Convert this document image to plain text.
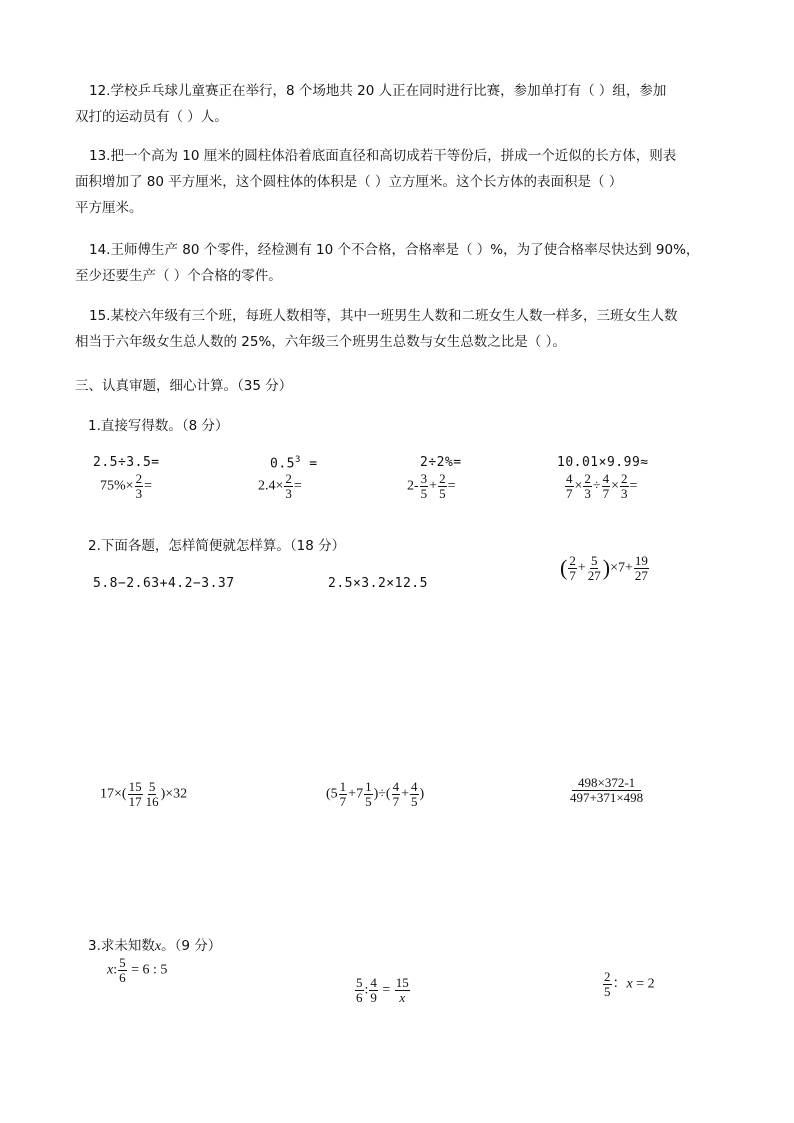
12.学校乒乓球儿童赛正在举行，8 个场地共 20 人正在同时进行比赛，参加单打有（ ）组，参加

双打的运动员有（ ）人。

13.把一个高为 10 厘米的圆柱体沿着底面直径和高切成若干等份后，拼成一个近似的长方体，则表

面积增加了 80 平方厘米，这个圆柱体的体积是（ ）立方厘米。这个长方体的表面积是（ ）

平方厘米。

14.王师傅生产 80 个零件，经检测有 10 个不合格，合格率是（ ）%，为了使合格率尽快达到 90%，

至少还要生产（ ）个合格的零件。

15.某校六年级有三个班，每班人数相等，其中一班男生人数和二班女生人数一样多，三班女生人数

相当于六年级女生总人数的 25%，六年级三个班男生总数与女生总数之比是（ ）。

三、认真审题，细心计算。（35 分）
1.直接写得数。（8 分）
2.5÷3.5=	$0.5^3$ =	2÷2%=	10.01×9.99≈
$75\%\times \frac{2}{3}$ =	$2.4\times \frac{2}{3}$ =	$2- \frac{3}{5} + \frac{2}{5}$ =	$\frac{4}{7} \times \frac{2}{3} \div \frac{4}{7} \times \frac{2}{3}$ =
2.下面各题，怎样简便就怎样算。（18 分）
5.8−2.63+4.2−3.37	2.5×3.2×12.5
( $\frac{2}{7} + \frac{5}{27} )\times 7+ \frac{19}{27}$
$17\times( \frac{15}{17} \frac{5}{16} )\times 32$	($5 \frac{1}{7} +7 \frac{1}{5}$ )÷( $\frac{4}{7} + \frac{4}{5}$ )	$\frac{498\times 372-1}{497+371\times 498}$
3.求未知数x。（9 分）
x: $\frac{5}{6} = 6$ : 5
$\frac{5}{6}$ : $\frac{4}{9} = \frac{15}{x}$	$\frac{2}{5}$ ：x = 2
